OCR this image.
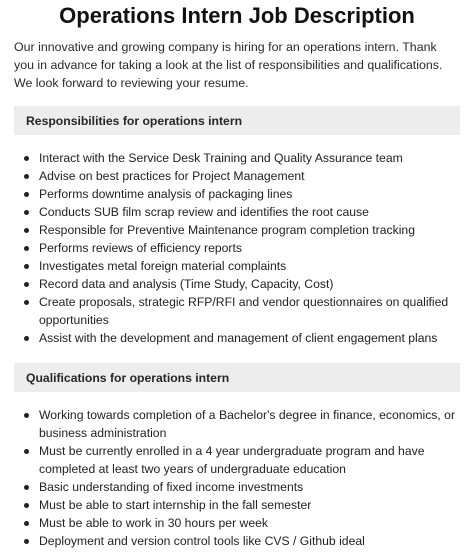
Operations Intern Job Description

Our innovative and growing company is hiring for an operations intern. Thank you in advance for taking a look at the list of responsibilities and qualifications. We look forward to reviewing your resume.

Responsibilities for operations intern
Interact with the Service Desk Training and Quality Assurance team
Advise on best practices for Project Management
Performs downtime analysis of packaging lines
Conducts SUB film scrap review and identifies the root cause
Responsible for Preventive Maintenance program completion tracking
Performs reviews of efficiency reports
Investigates metal foreign material complaints
Record data and analysis (Time Study, Capacity, Cost)
Create proposals, strategic RFP/RFI and vendor questionnaires on qualified opportunities
Assist with the development and management of client engagement plans
Qualifications for operations intern
Working towards completion of a Bachelor's degree in finance, economics, or business administration
Must be currently enrolled in a 4 year undergraduate program and have completed at least two years of undergraduate education
Basic understanding of fixed income investments
Must be able to start internship in the fall semester
Must be able to work in 30 hours per week
Deployment and version control tools like CVS / Github ideal
